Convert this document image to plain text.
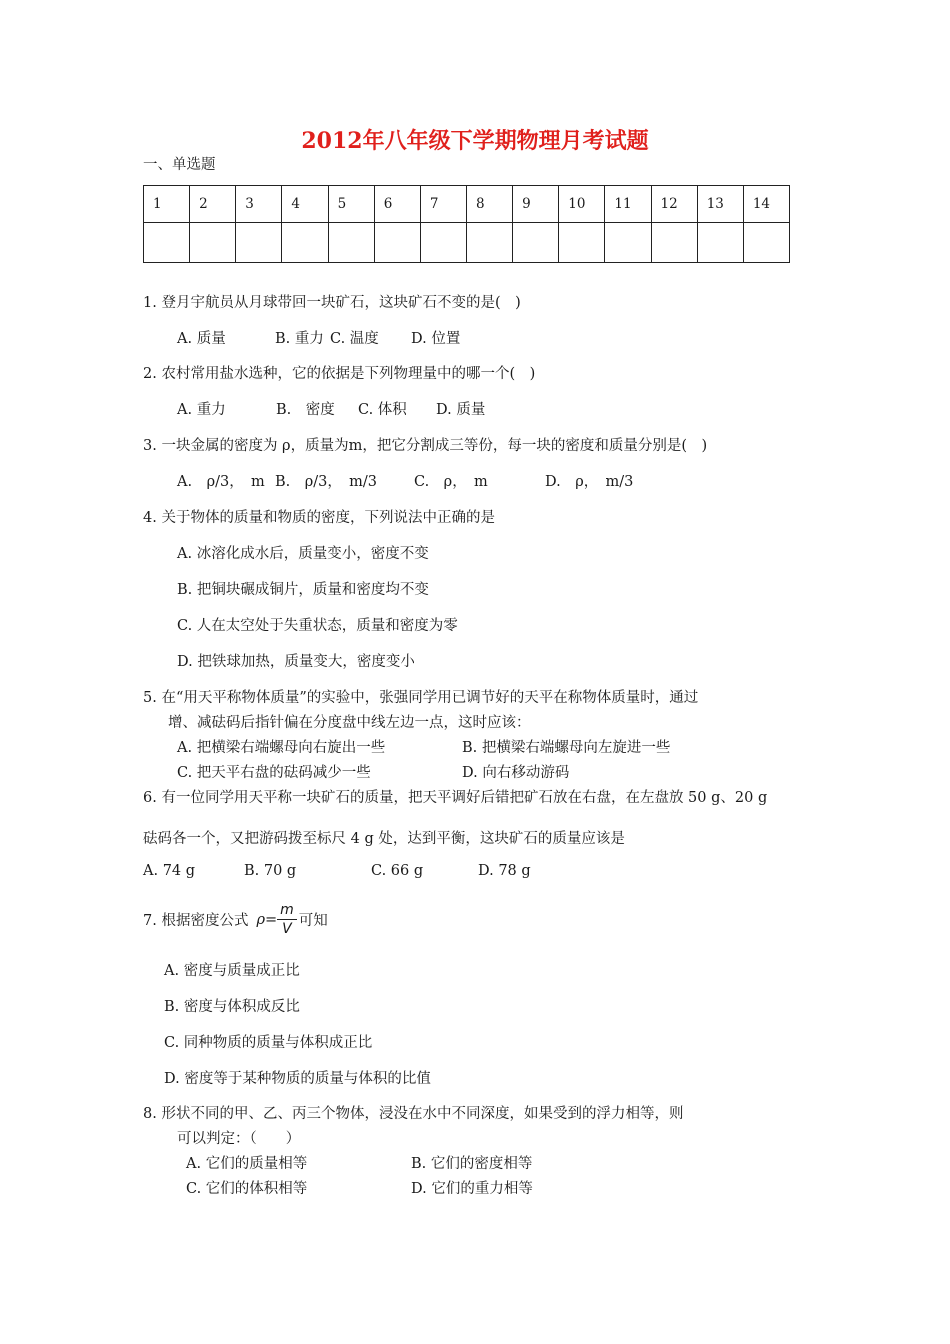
2012年八年级下学期物理月考试题
一、单选题
1	2	3	4	5	6	7	8	9	10	11	12	13	14

1. 登月宇航员从月球带回一块矿石，这块矿石不变的是(　)
A. 质量	B. 重力 C. 温度 D. 位置
2. 农村常用盐水选种，它的依据是下列物理量中的哪一个(　)
A. 重力	B.　密度 C. 体积 D. 质量
3. 一块金属的密度为 ρ，质量为m，把它分割成三等份，每一块的密度和质量分别是(　)
A.　ρ/3，　m B.　ρ/3，　m/3	C.　ρ，　m	D.　ρ，　m/3
4. 关于物体的质量和物质的密度，下列说法中正确的是
A. 冰溶化成水后，质量变小，密度不变
B. 把铜块碾成铜片，质量和密度均不变
C. 人在太空处于失重状态，质量和密度为零
D. 把铁球加热，质量变大，密度变小
5. 在“用天平称物体质量”的实验中，张强同学用已调节好的天平在称物体质量时，通过
增、减砝码后指针偏在分度盘中线左边一点，这时应该：
A. 把横梁右端螺母向右旋出一些	B. 把横梁右端螺母向左旋进一些
C. 把天平右盘的砝码减少一些	D. 向右移动游码
6. 有一位同学用天平称一块矿石的质量，把天平调好后错把矿石放在右盘，在左盘放 50 g、20 g
砝码各一个，又把游码拨至标尺 4 g 处，达到平衡，这块矿石的质量应该是
A. 74 g	B. 70 g	C. 66 g	D. 78 g
7. 根据密度公式 $\rho= \frac{m}{V}$ 可知
A. 密度与质量成正比
B. 密度与体积成反比
C. 同种物质的质量与体积成正比
D. 密度等于某种物质的质量与体积的比值
8. 形状不同的甲、乙、丙三个物体，浸没在水中不同深度，如果受到的浮力相等，则
可以判定：（　　）
A. 它们的质量相等	B. 它们的密度相等
C. 它们的体积相等	D. 它们的重力相等
